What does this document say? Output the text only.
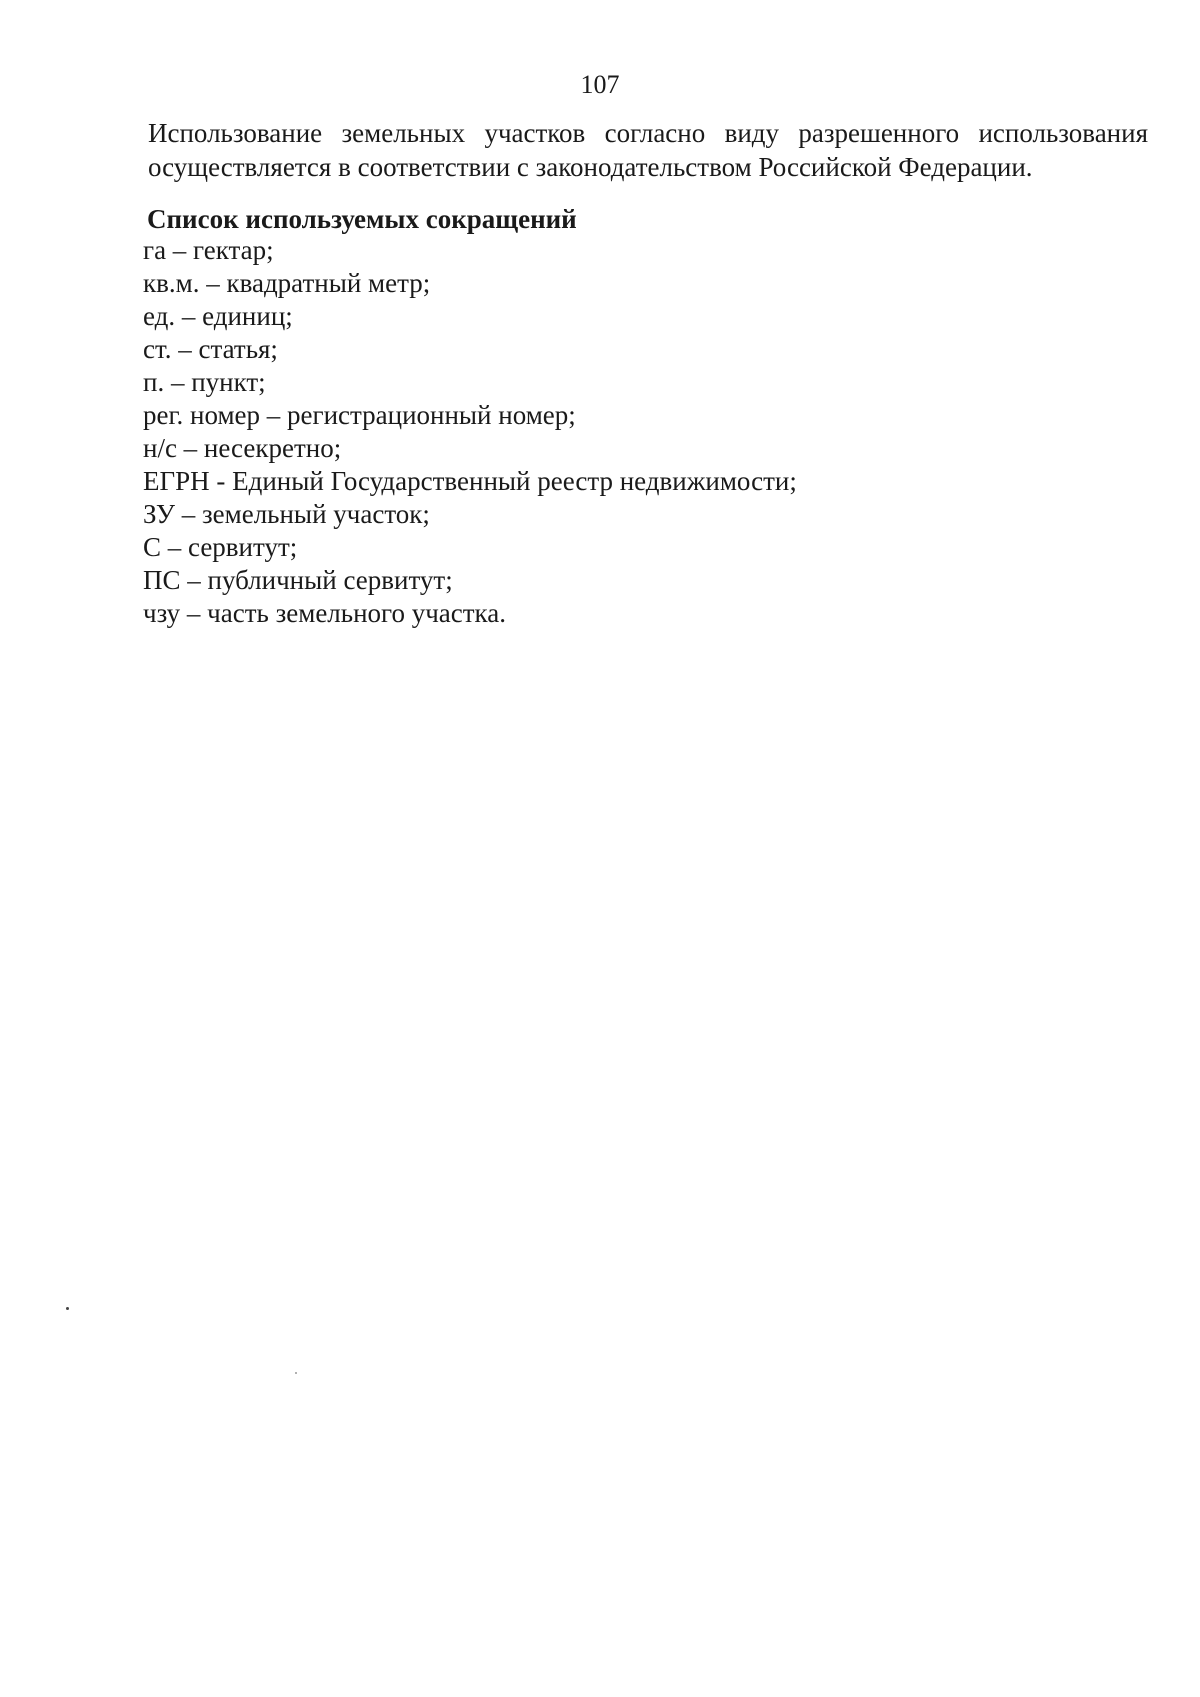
107

Использование земельных участков согласно виду разрешенного использования
осуществляется в соответствии с законодательством Российской Федерации.

Список используемых сокращений
га – гектар;
кв.м. – квадратный метр;
ед. – единиц;
ст. – статья;
п. – пункт;
рег. номер – регистрационный номер;
н/с – несекретно;
ЕГРН - Единый Государственный реестр недвижимости;
ЗУ – земельный участок;
С – сервитут;
ПС – публичный сервитут;
чзу – часть земельного участка.
